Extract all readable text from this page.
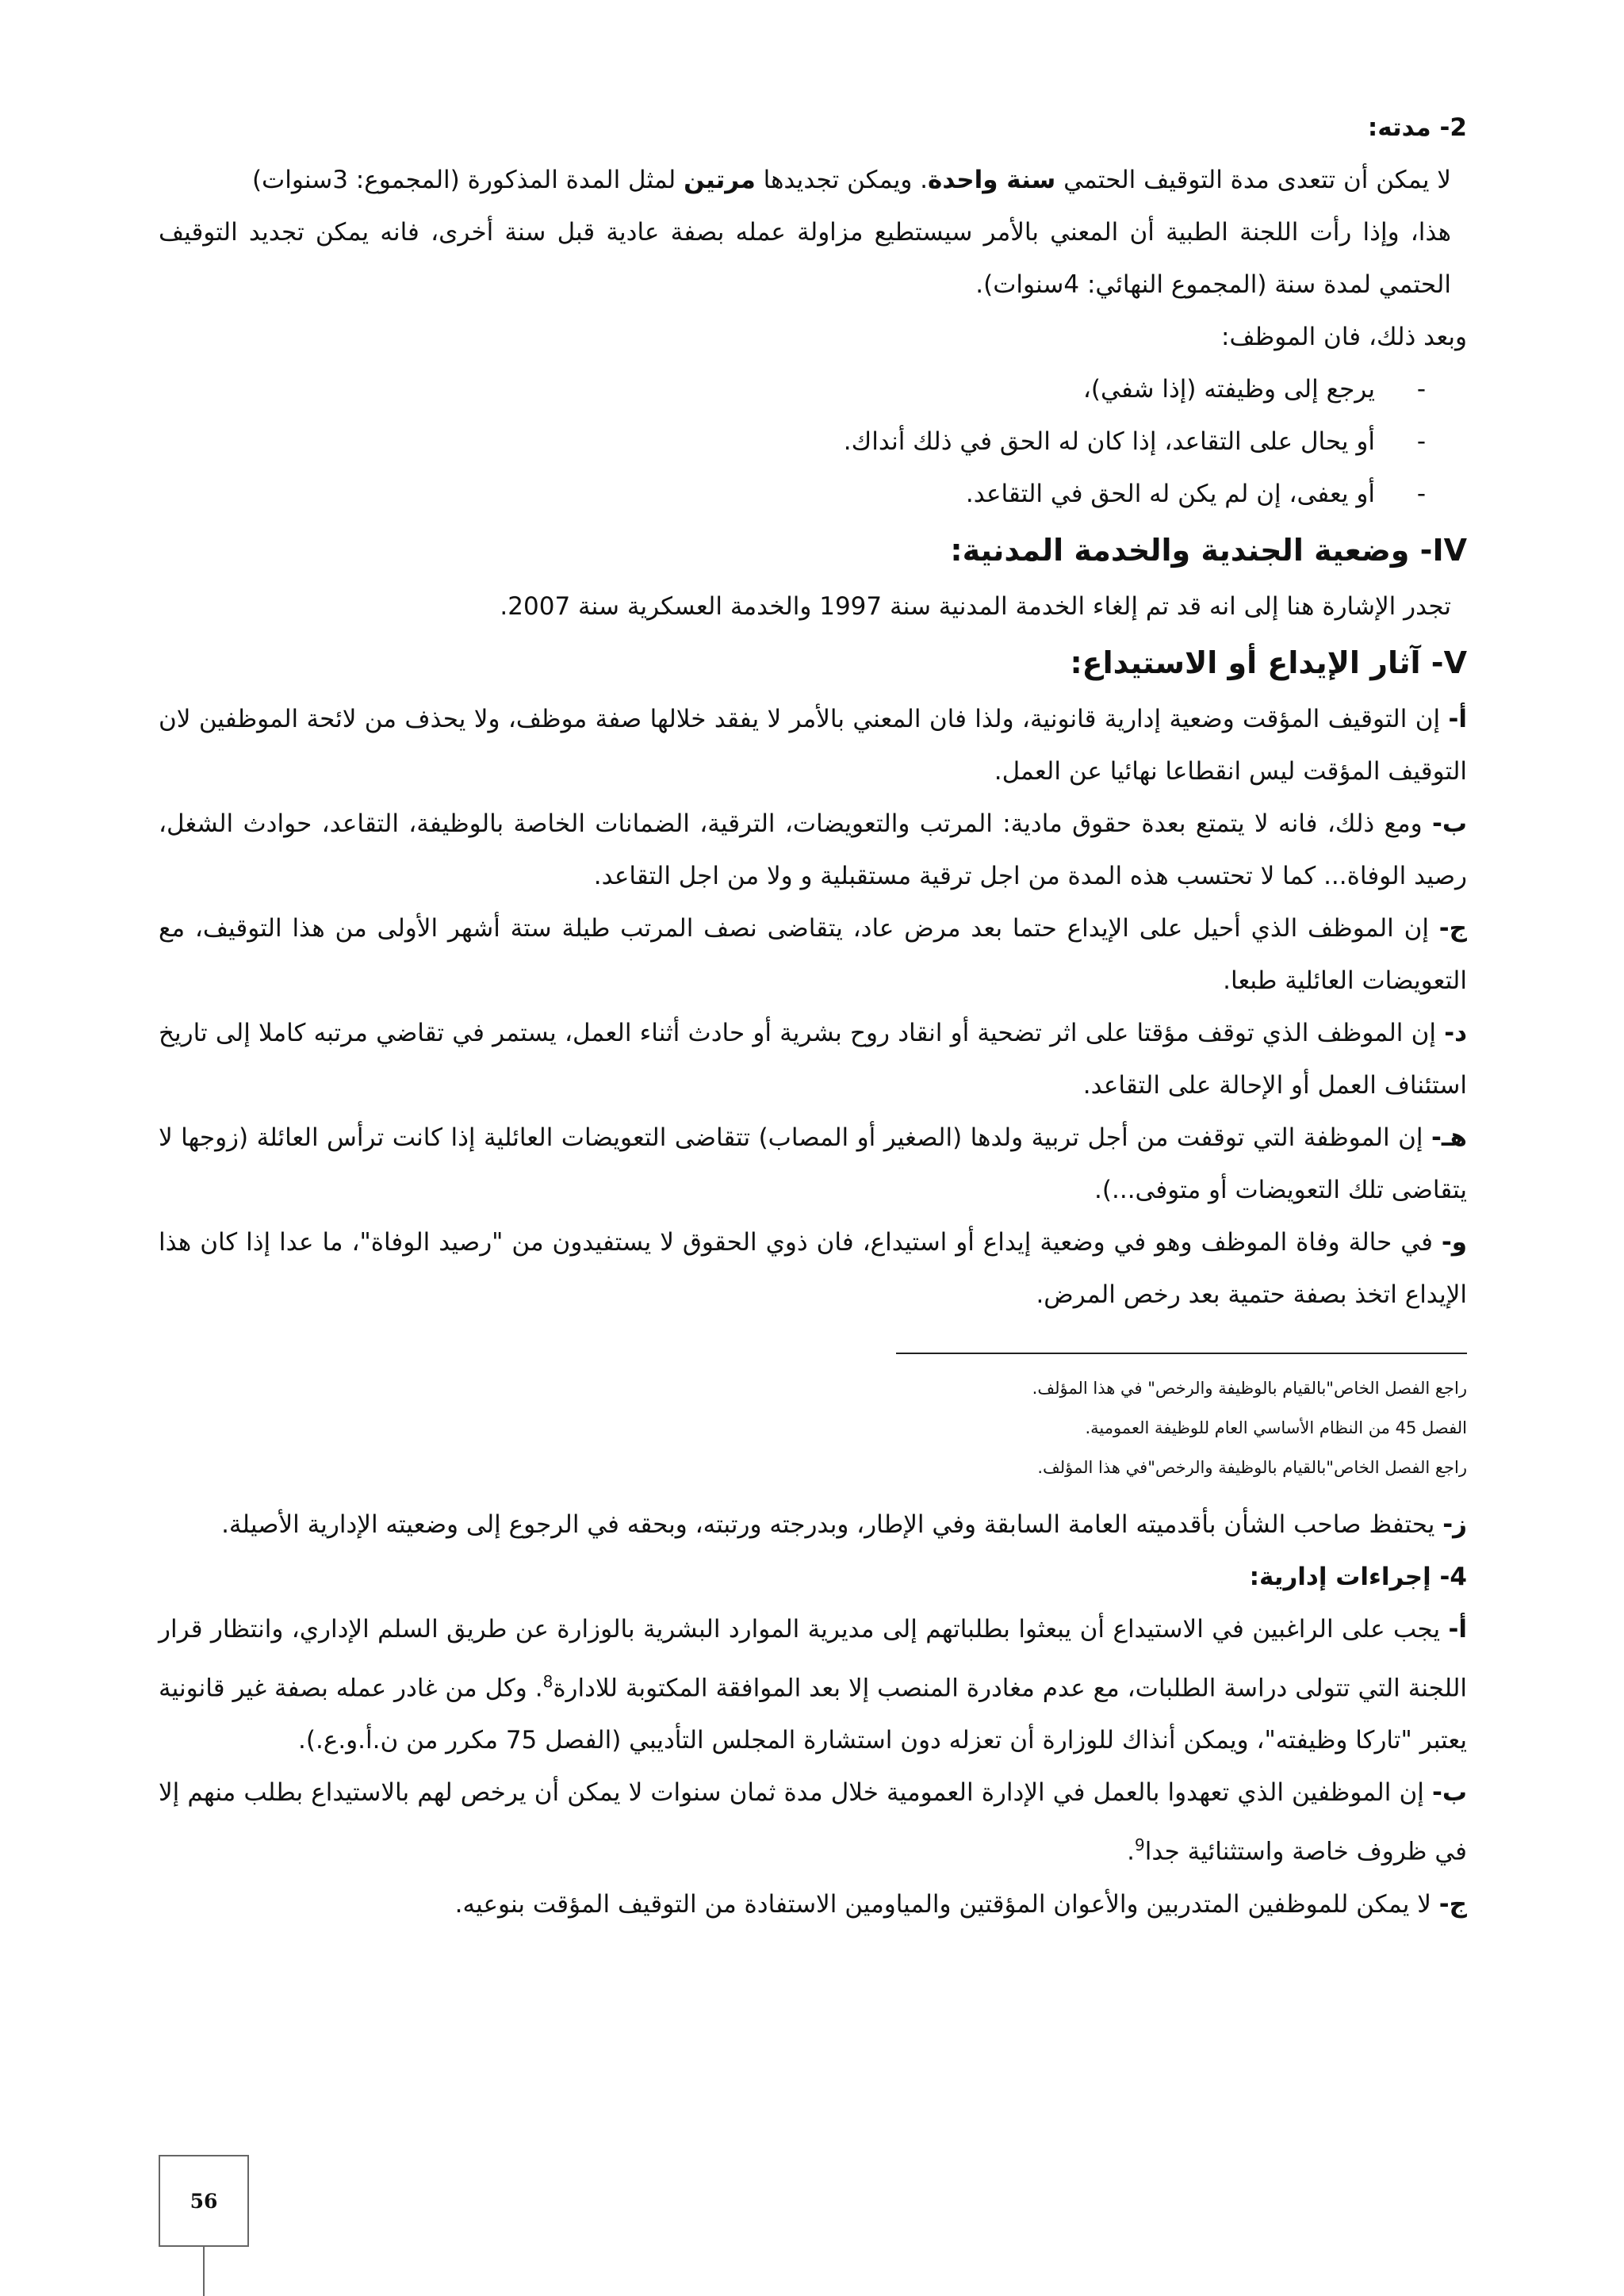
2- مدته:

لا يمكن أن تتعدى مدة التوقيف الحتمي سنة واحدة. ويمكن تجديدها مرتين لمثل المدة المذكورة (المجموع: 3سنوات)

هذا، وإذا رأت اللجنة الطبية أن المعني بالأمر سيستطيع مزاولة عمله بصفة عادية قبل سنة أخرى، فانه يمكن تجديد التوقيف الحتمي لمدة سنة (المجموع النهائي: 4سنوات).

وبعد ذلك، فان الموظف:

-
يرجع إلى وظيفته (إذا شفي)،
-
أو يحال على التقاعد، إذا كان له الحق في ذلك أنداك.
-
أو يعفى، إن لم يكن له الحق في التقاعد.

IV- وضعية الجندية والخدمة المدنية:

تجدر الإشارة هنا إلى انه قد تم إلغاء الخدمة المدنية سنة 1997 والخدمة العسكرية سنة 2007.

V- آثار الإيداع أو الاستيداع:

أ- إن التوقيف المؤقت وضعية إدارية قانونية، ولذا فان المعني بالأمر لا يفقد خلالها صفة موظف، ولا يحذف من لائحة الموظفين لان التوقيف المؤقت ليس انقطاعا نهائيا عن العمل.

ب- ومع ذلك، فانه لا يتمتع بعدة حقوق مادية: المرتب والتعويضات، الترقية، الضمانات الخاصة بالوظيفة، التقاعد، حوادث الشغل، رصيد الوفاة... كما لا تحتسب هذه المدة من اجل ترقية مستقبلية و ولا من اجل التقاعد.

ج- إن الموظف الذي أحيل على الإيداع حتما بعد مرض عاد، يتقاضى نصف المرتب طيلة ستة أشهر الأولى من هذا التوقيف، مع التعويضات العائلية طبعا.

د- إن الموظف الذي توقف مؤقتا على اثر تضحية أو انقاد روح بشرية أو حادث أثناء العمل، يستمر في تقاضي مرتبه كاملا إلى تاريخ استئناف العمل أو الإحالة على التقاعد.

هـ- إن الموظفة التي توقفت من أجل تربية ولدها (الصغير أو المصاب) تتقاضى التعويضات العائلية إذا كانت ترأس العائلة (زوجها لا يتقاضى تلك التعويضات أو متوفى...).

و- في حالة وفاة الموظف وهو في وضعية إيداع أو استيداع، فان ذوي الحقوق لا يستفيدون من "رصيد الوفاة"، ما عدا إذا كان هذا الإيداع اتخذ بصفة حتمية بعد رخص المرض.

راجع الفصل الخاص"بالقيام بالوظيفة والرخص" في هذا المؤلف.

الفصل 45 من النظام الأساسي العام للوظيفة العمومية.

راجع الفصل الخاص"بالقيام بالوظيفة والرخص"في هذا المؤلف.

ز- يحتفظ صاحب الشأن بأقدميته العامة السابقة وفي الإطار، وبدرجته ورتبته، وبحقه في الرجوع إلى وضعيته الإدارية الأصيلة.

4- إجراءات إدارية:

أ- يجب على الراغبين في الاستيداع أن يبعثوا بطلباتهم إلى مديرية الموارد البشرية بالوزارة عن طريق السلم الإداري، وانتظار قرار اللجنة التي تتولى دراسة الطلبات، مع عدم مغادرة المنصب إلا بعد الموافقة المكتوبة للادارة$^8$. وكل من غادر عمله بصفة غير قانونية يعتبر "تاركا وظيفته"، ويمكن أنذاك للوزارة أن تعزله دون استشارة المجلس التأديبي (الفصل 75 مكرر من ن.أ.و.ع.).

ب- إن الموظفين الذي تعهدوا بالعمل في الإدارة العمومية خلال مدة ثمان سنوات لا يمكن أن يرخص لهم بالاستيداع بطلب منهم إلا في ظروف خاصة واستثنائية جدا$^9$.

ج- لا يمكن للموظفين المتدربين والأعوان المؤقتين والمياومين الاستفادة من التوقيف المؤقت بنوعيه.

56
